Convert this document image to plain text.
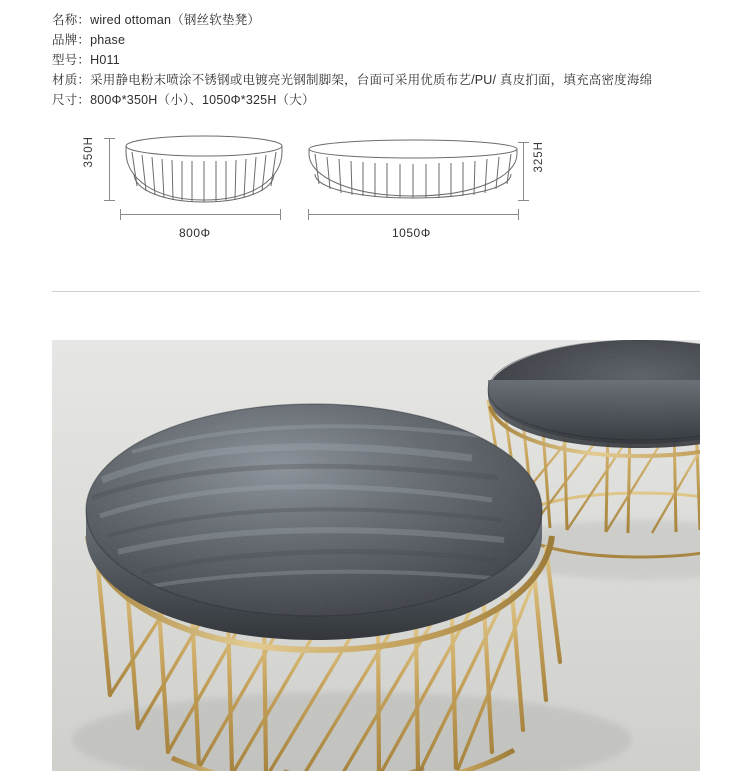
名称：wired ottoman（钢丝软垫凳）
品牌：phase
型号：H011
材质：采用静电粉末喷涂不锈钢或电镀亮光钢制脚架，台面可采用优质布艺/PU/ 真皮扪面，填充高密度海绵
尺寸：800Φ*350H（小）、1050Φ*325H（大）
350H
800Φ
325H
1050Φ
